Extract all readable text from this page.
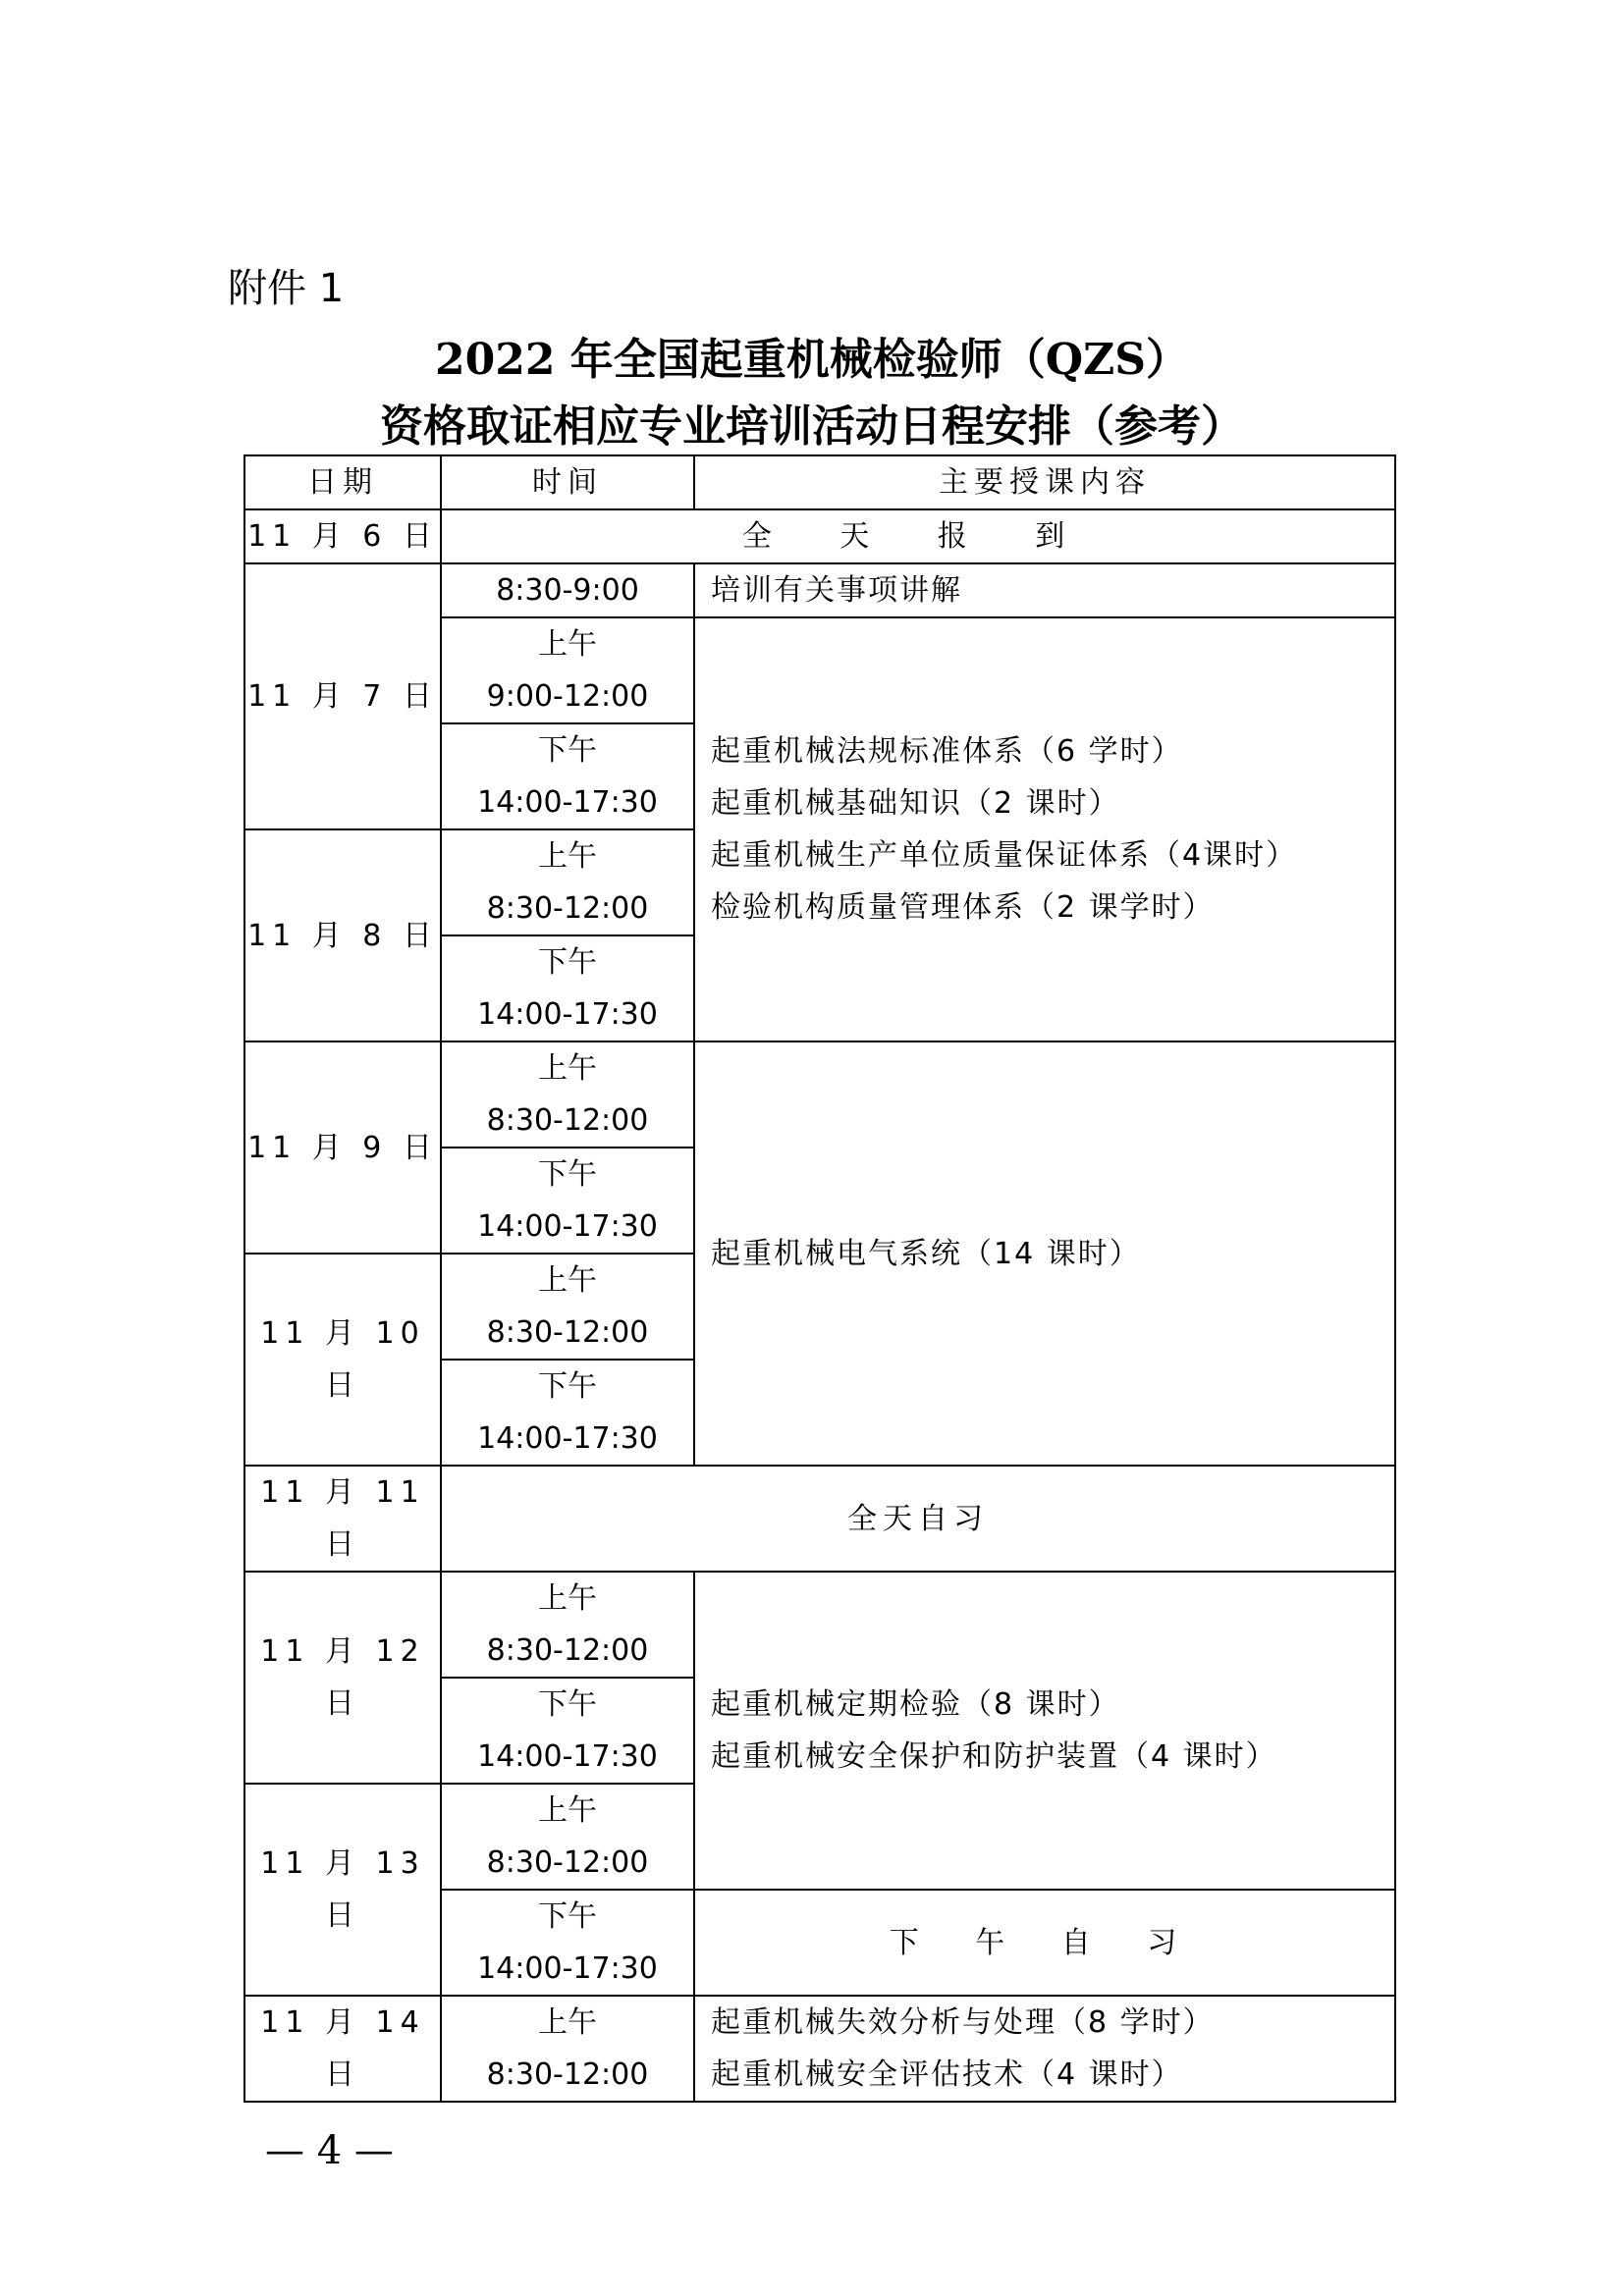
附件 1
2022 年全国起重机械检验师（QZS）
资格取证相应专业培训活动日程安排（参考）
日期	时间	主要授课内容
11 月 6 日	全 天 报 到	
11 月 7 日	8:30-9:00	培训有关事项讲解

	上午
9:00-12:00	起重机械法规标准体系（6 学时）
起重机械基础知识（2 课时）
起重机械生产单位质量保证体系（4课时）
检验机构质量管理体系（2 课学时）

	下午
14:00-17:30	

11 月 8 日	上午
8:30-12:00	

	下午
14:00-17:30	

11 月 9 日	上午
8:30-12:00	起重机械电气系统（14 课时）

	下午
14:00-17:30	

11 月 10 日	上午
8:30-12:00	

	下午
14:00-17:30	

11 月 11 日	全天自习	
11 月 12 日	上午
8:30-12:00	起重机械定期检验（8 课时）
起重机械安全保护和防护装置（4 课时）

	下午
14:00-17:30	

11 月 13 日	上午
8:30-12:00	

	下午
14:00-17:30	下 午 自 习
11 月 14 日	上午
8:30-12:00	起重机械失效分析与处理（8 学时）
起重机械安全评估技术（4 课时）
— 4 —
